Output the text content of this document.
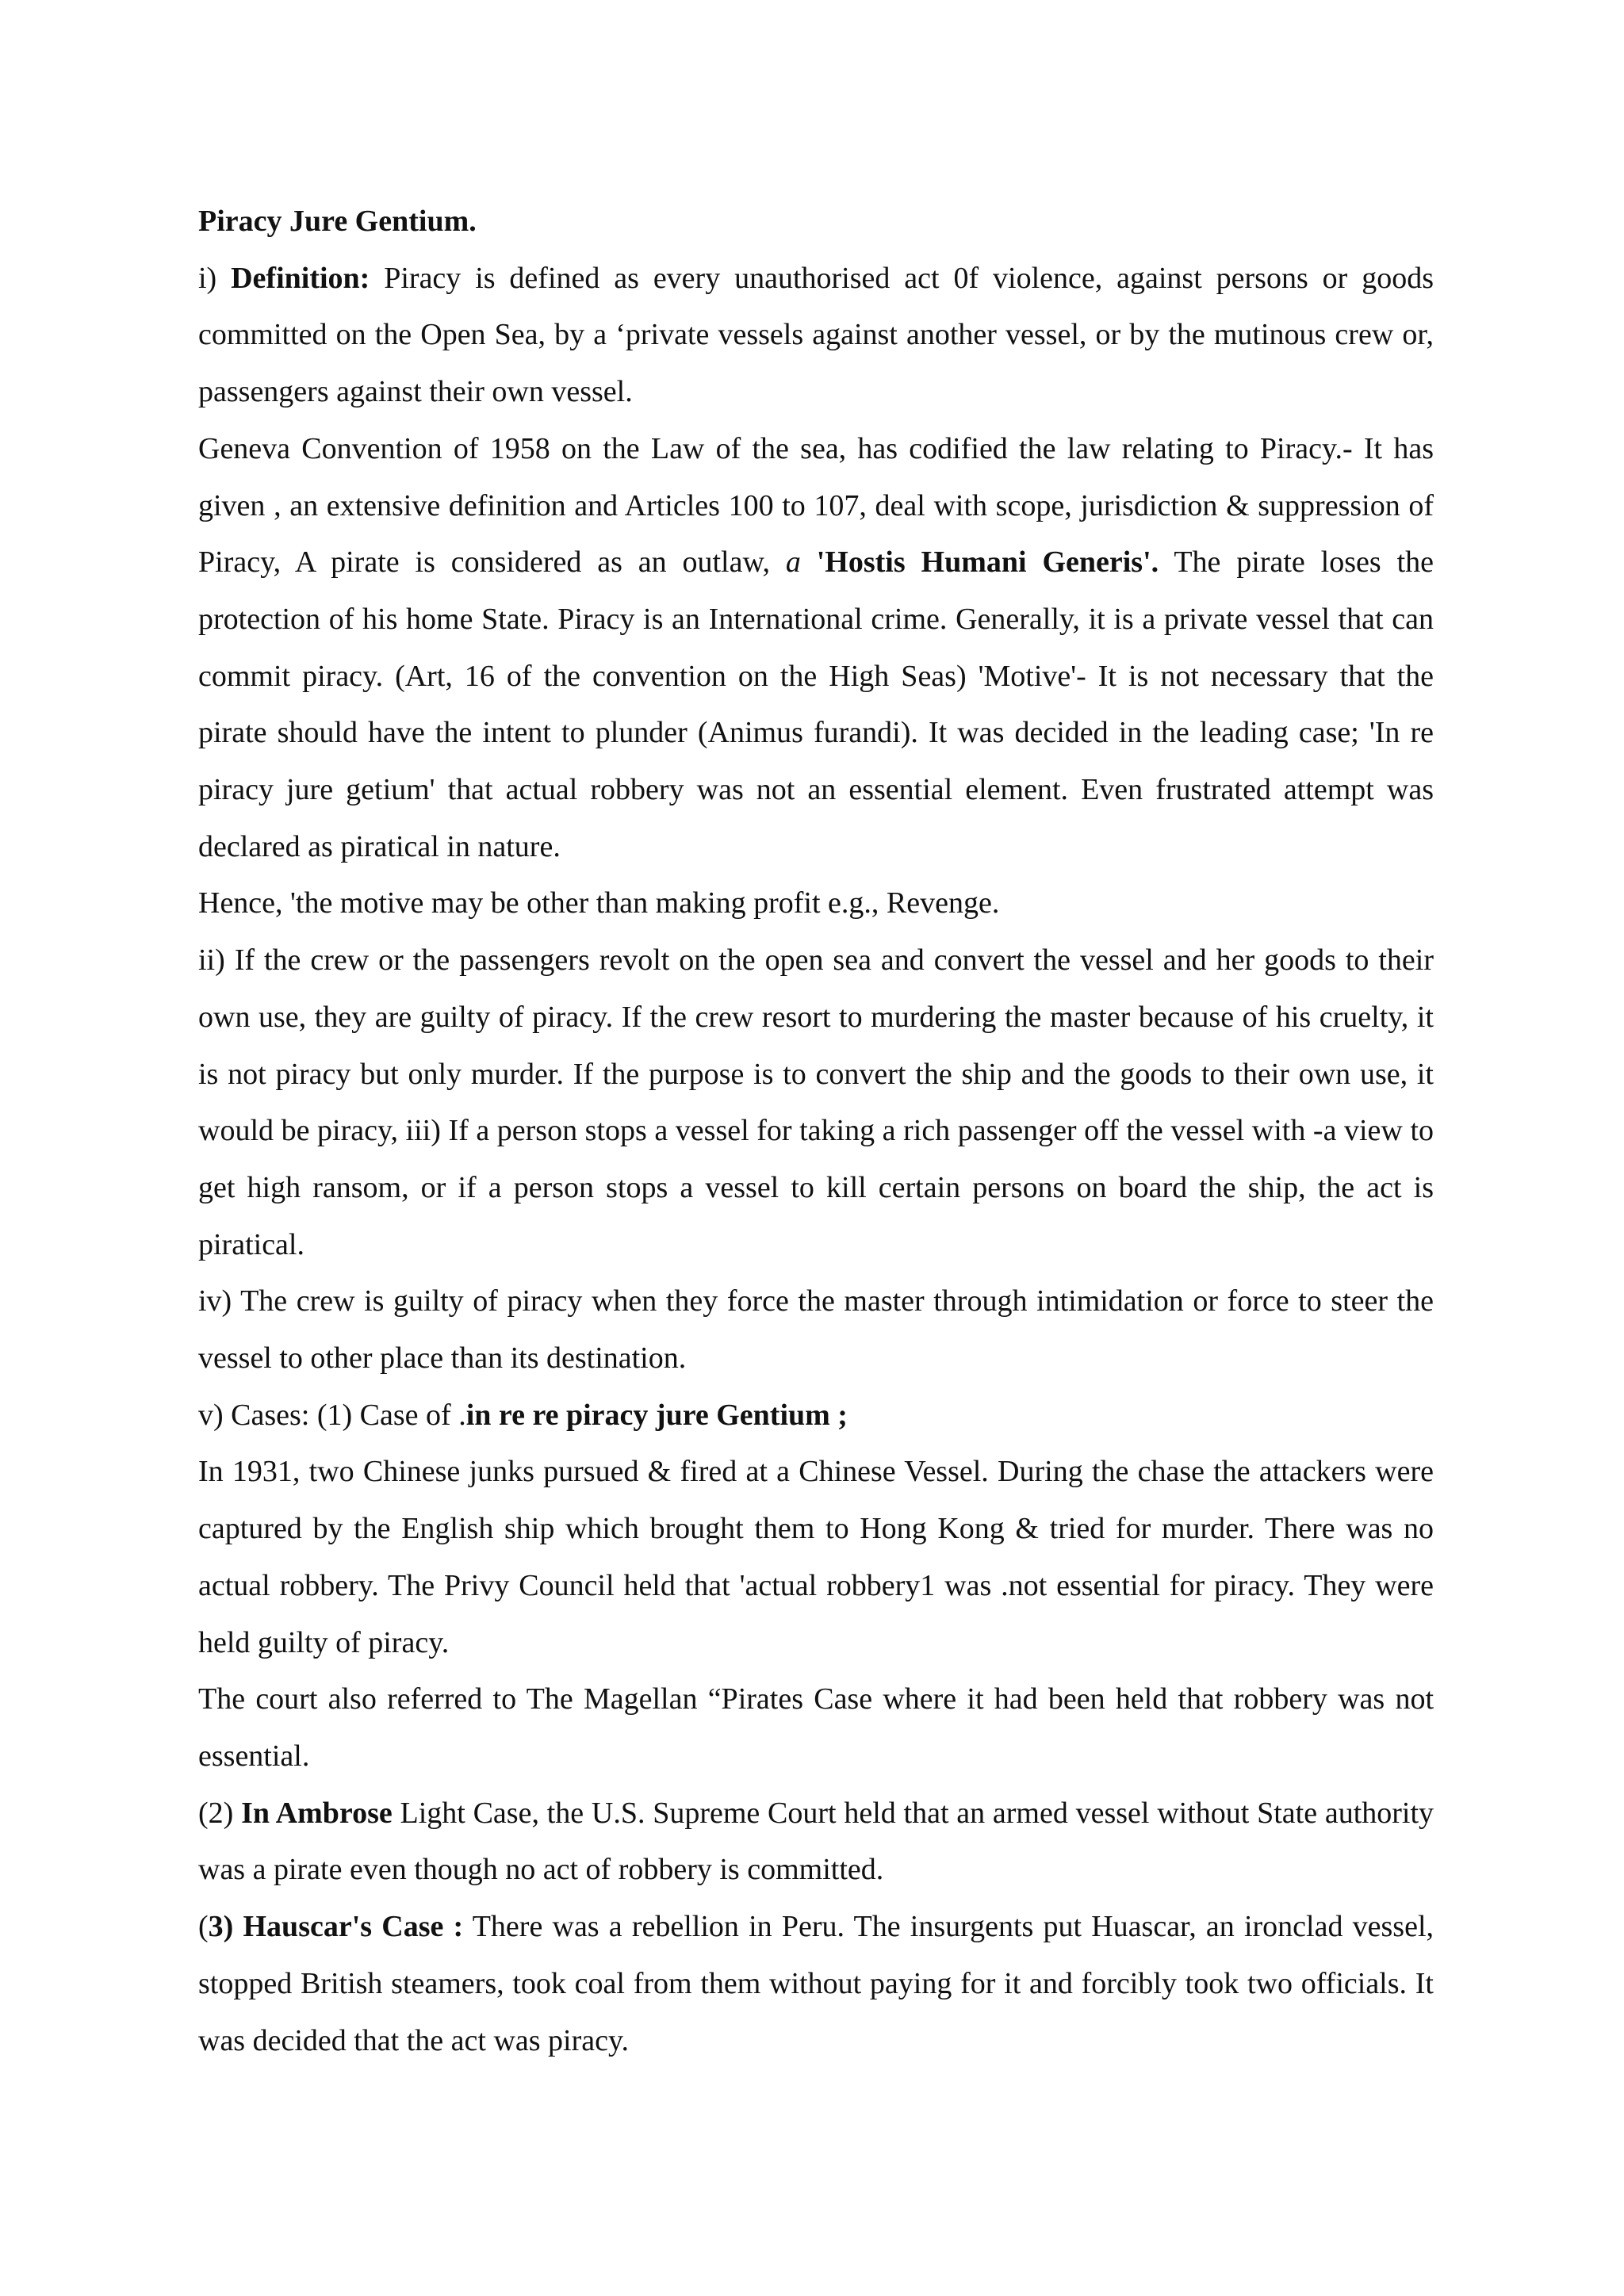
Piracy Jure Gentium.

i) Definition: Piracy is defined as every unauthorised act 0f violence, against persons or goods committed on the Open Sea, by a ‘private vessels against another vessel, or by the mutinous crew or, passengers against their own vessel.

Geneva Convention of 1958 on the Law of the sea, has codified the law relating to Piracy.- It has given , an extensive definition and Articles 100 to 107, deal with scope, jurisdiction & suppression of Piracy, A pirate is considered as an outlaw, a 'Hostis Humani Generis'. The pirate loses the protection of his home State. Piracy is an International crime. Generally, it is a private vessel that can commit piracy. (Art, 16 of the convention on the High Seas) 'Motive'- It is not necessary that the pirate should have the intent to plunder (Animus furandi). It was decided in the leading case; 'In re piracy jure getium' that actual robbery was not an essential element. Even frustrated attempt was declared as piratical in nature.

Hence, 'the motive may be other than making profit e.g., Revenge.

ii) If the crew or the passengers revolt on the open sea and convert the vessel and her goods to their own use, they are guilty of piracy. If the crew resort to murdering the master because of his cruelty, it is not piracy but only murder. If the purpose is to convert the ship and the goods to their own use, it would be piracy, iii) If a person stops a vessel for taking a rich passenger off the vessel with -a view to get high ransom, or if a person stops a vessel to kill certain persons on board the ship, the act is piratical.

iv) The crew is guilty of piracy when they force the master through intimidation or force to steer the vessel to other place than its destination.

v) Cases: (1) Case of .in re re piracy jure Gentium ;

In 1931, two Chinese junks pursued & fired at a Chinese Vessel. During the chase the attackers were captured by the English ship which brought them to Hong Kong & tried for murder. There was no actual robbery. The Privy Council held that 'actual robbery1 was .not essential for piracy. They were held guilty of piracy.

The court also referred to The Magellan “Pirates Case where it had been held that robbery was not essential.

(2) In Ambrose Light Case, the U.S. Supreme Court held that an armed vessel without State authority was a pirate even though no act of robbery is committed.

(3) Hauscar's Case : There was a rebellion in Peru. The insurgents put Huascar, an ironclad vessel, stopped British steamers, took coal from them without paying for it and forcibly took two officials. It was decided that the act was piracy.
